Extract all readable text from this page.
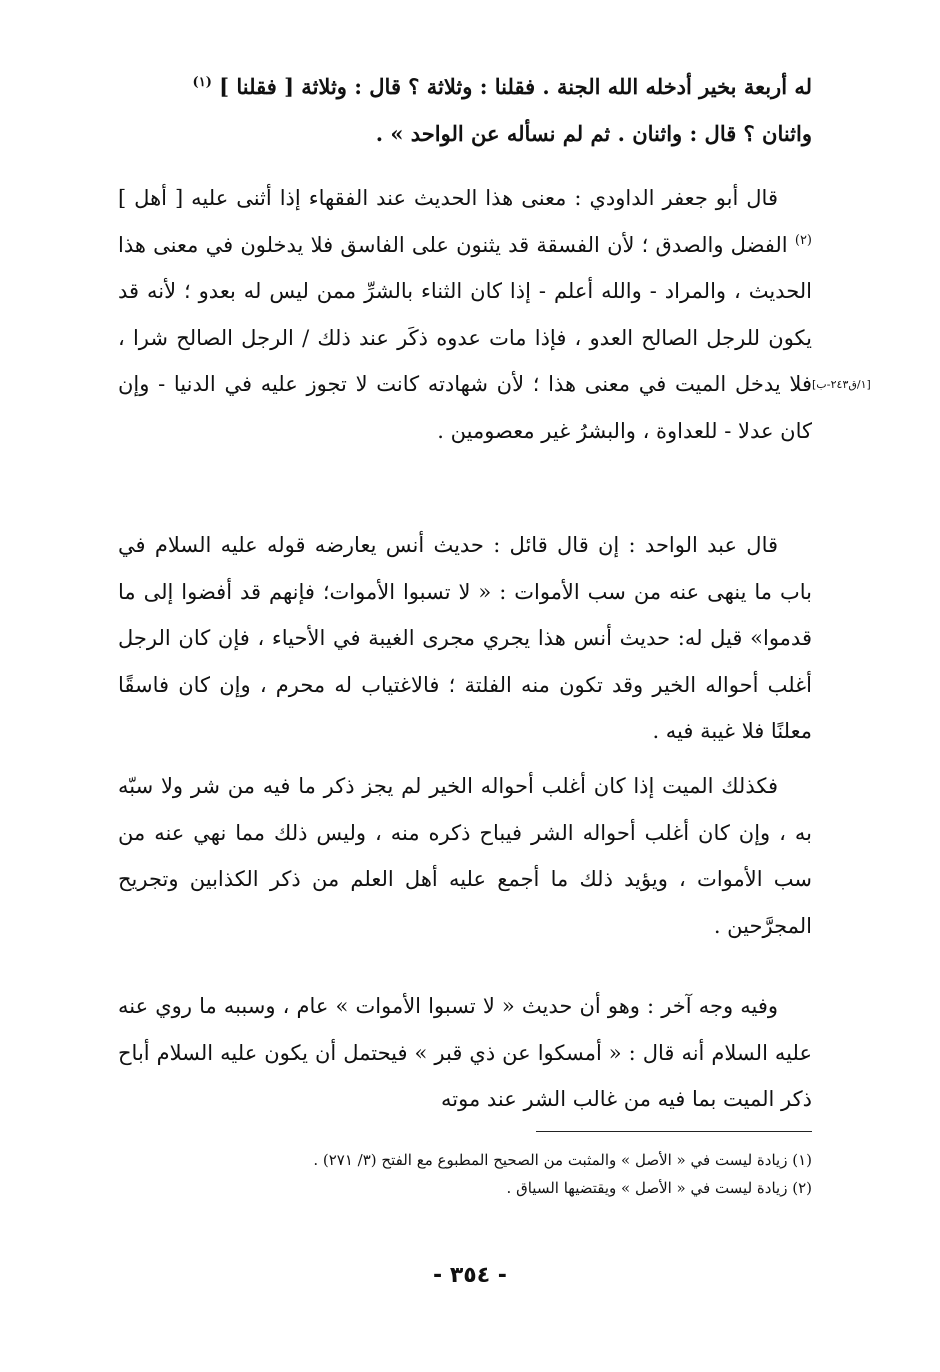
له أربعة بخير أدخله الله الجنة . فقلنا : وثلاثة ؟ قال : وثلاثة [ فقلنا ] $^{(١)}$

واثنان ؟ قال : واثنان . ثم لم نسأله عن الواحد » .

قال أبو جعفر الداودي : معنى هذا الحديث عند الفقهاء إذا أثنى عليه [ أهل ] $^{(٢)}$ الفضل والصدق ؛ لأن الفسقة قد يثنون على الفاسق فلا يدخلون في معنى هذا الحديث ، والمراد - والله أعلم - إذا كان الثناء بالشرِّ ممن ليس له بعدو ؛ لأنه قد يكون للرجل الصالح العدو ، فإذا مات عدوه ذكَر عند ذلك / الرجل الصالح شرا ، فلا يدخل الميت في معنى هذا ؛ لأن شهادته كانت لا تجوز عليه في الدنيا - وإن كان عدلا - للعداوة ، والبشرُ غير معصومين .
[١/ق٢٤٣-ب]
قال عبد الواحد : إن قال قائل : حديث أنس يعارضه قوله عليه السلام في باب ما ينهى عنه من سب الأموات : « لا تسبوا الأموات؛ فإنهم قد أفضوا إلى ما قدموا» قيل له: حديث أنس هذا يجري مجرى الغيبة في الأحياء ، فإن كان الرجل أغلب أحواله الخير وقد تكون منه الفلتة ؛ فالاغتياب له محرم ، وإن كان فاسقًا معلنًا فلا غيبة فيه .
فكذلك الميت إذا كان أغلب أحواله الخير لم يجز ذكر ما فيه من شر ولا سبّه به ، وإن كان أغلب أحواله الشر فيباح ذكره منه ، وليس ذلك مما نهي عنه من سب الأموات ، ويؤيد ذلك ما أجمع عليه أهل العلم من ذكر الكذابين وتجريح المجرَّحين .
وفيه وجه آخر : وهو أن حديث « لا تسبوا الأموات » عام ، وسببه ما روي عنه عليه السلام أنه قال : « أمسكوا عن ذي قبر » فيحتمل أن يكون عليه السلام أباح ذكر الميت بما فيه من غالب الشر عند موته
(١) زيادة ليست في « الأصل » والمثبت من الصحيح المطبوع مع الفتح (٣/ ٢٧١) .
(٢) زيادة ليست في « الأصل » ويقتضيها السياق .
- ٣٥٤ -
